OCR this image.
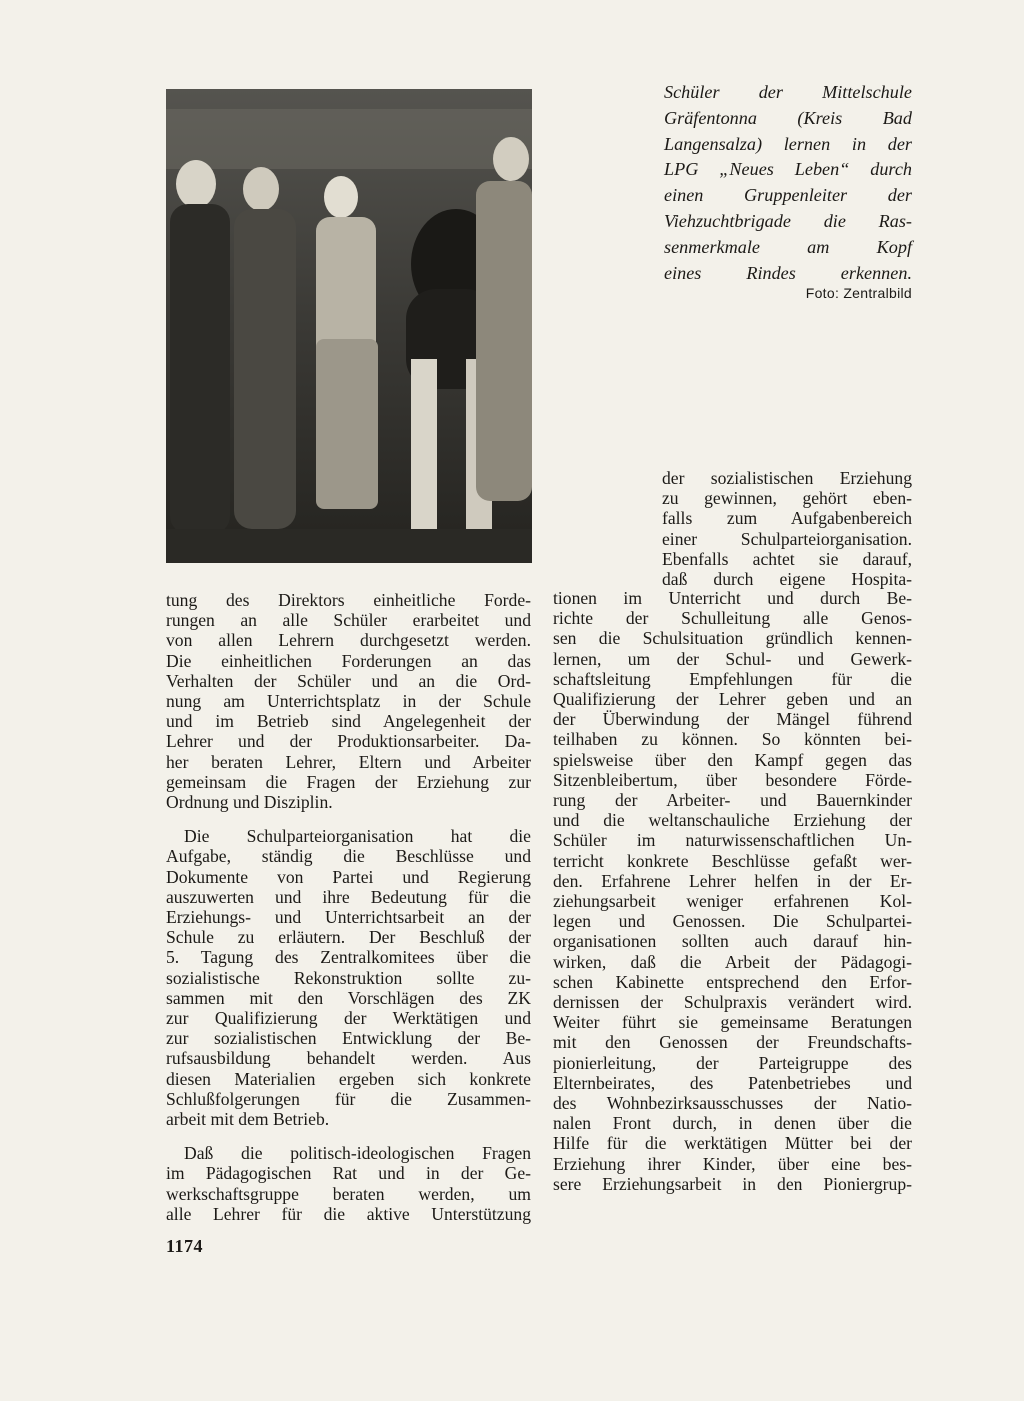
Schüler der Mittelschule
Gräfentonna (Kreis Bad
Langensalza) lernen in der
LPG „Neues Leben“ durch
einen Gruppenleiter der
Viehzuchtbrigade die Ras-
senmerkmale am Kopf
eines Rindes erkennen.
Foto: Zentralbild
der sozialistischen Erziehung
zu gewinnen, gehört eben-
falls zum Aufgabenbereich
einer Schulparteiorganisation.
Ebenfalls achtet sie darauf,
daß durch eigene Hospita-

tung des Direktors einheitliche Forde-
rungen an alle Schüler erarbeitet und
von allen Lehrern durchgesetzt werden.
Die einheitlichen Forderungen an das
Verhalten der Schüler und an die Ord-
nung am Unterrichtsplatz in der Schule
und im Betrieb sind Angelegenheit der
Lehrer und der Produktionsarbeiter. Da-
her beraten Lehrer, Eltern und Arbeiter
gemeinsam die Fragen der Erziehung zur
Ordnung und Disziplin.

Die Schulparteiorganisation hat die
Aufgabe, ständig die Beschlüsse und
Dokumente von Partei und Regierung
auszuwerten und ihre Bedeutung für die
Erziehungs- und Unterrichtsarbeit an der
Schule zu erläutern. Der Beschluß der
5. Tagung des Zentralkomitees über die
sozialistische Rekonstruktion sollte zu-
sammen mit den Vorschlägen des ZK
zur Qualifizierung der Werktätigen und
zur sozialistischen Entwicklung der Be-
rufsausbildung behandelt werden. Aus
diesen Materialien ergeben sich konkrete
Schlußfolgerungen für die Zusammen-
arbeit mit dem Betrieb.

Daß die politisch-ideologischen Fragen
im Pädagogischen Rat und in der Ge-
werkschaftsgruppe beraten werden, um
alle Lehrer für die aktive Unterstützung

tionen im Unterricht und durch Be-
richte der Schulleitung alle Genos-
sen die Schulsituation gründlich kennen-
lernen, um der Schul- und Gewerk-
schaftsleitung Empfehlungen für die
Qualifizierung der Lehrer geben und an
der Überwindung der Mängel führend
teilhaben zu können. So könnten bei-
spielsweise über den Kampf gegen das
Sitzenbleibertum, über besondere Förde-
rung der Arbeiter- und Bauernkinder
und die weltanschauliche Erziehung der
Schüler im naturwissenschaftlichen Un-
terricht konkrete Beschlüsse gefaßt wer-
den. Erfahrene Lehrer helfen in der Er-
ziehungsarbeit weniger erfahrenen Kol-
legen und Genossen. Die Schulpartei-
organisationen sollten auch darauf hin-
wirken, daß die Arbeit der Pädagogi-
schen Kabinette entsprechend den Erfor-
dernissen der Schulpraxis verändert wird.
Weiter führt sie gemeinsame Beratungen
mit den Genossen der Freundschafts-
pionierleitung, der Parteigruppe des
Elternbeirates, des Patenbetriebes und
des Wohnbezirksausschusses der Natio-
nalen Front durch, in denen über die
Hilfe für die werktätigen Mütter bei der
Erziehung ihrer Kinder, über eine bes-
sere Erziehungsarbeit in den Pioniergrup-

1174
